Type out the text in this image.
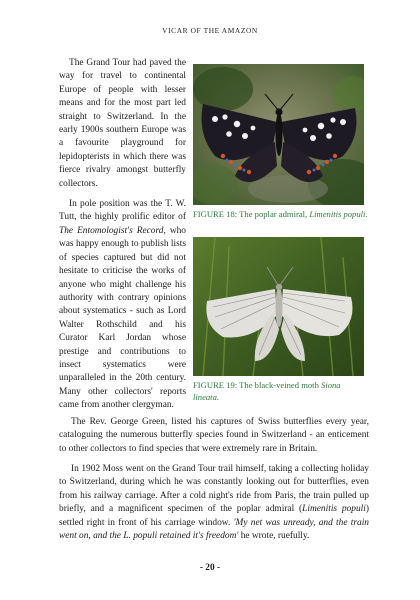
VICAR OF THE AMAZON

The Grand Tour had paved the way for travel to continental Europe of people with lesser means and for the most part led straight to Switzerland. In the early 1900s southern Europe was a favourite playground for lepidopterists in which there was fierce rivalry amongst butterfly collectors.

In pole position was the T. W. Tutt, the highly prolific editor of The Entomologist's Record, who was happy enough to publish lists of species captured but did not hesitate to criticise the works of anyone who might challenge his authority with contrary opinions about systematics - such as Lord Walter Rothschild and his Curator Karl Jordan whose prestige and contributions to insect systematics were unparalleled in the 20th century. Many other collectors' reports came from another clergyman.

FIGURE 18: The poplar admiral, Limenitis populi.
FIGURE 19: The black-veined moth Siona lineata.

The Rev. George Green, listed his captures of Swiss butterflies every year, cataloguing the numerous butterfly species found in Switzerland - an enticement to other collectors to find species that were extremely rare in Britain.

In 1902 Moss went on the Grand Tour trail himself, taking a collecting holiday to Switzerland, during which he was constantly looking out for butterflies, even from his railway carriage. After a cold night's ride from Paris, the train pulled up briefly, and a magnificent specimen of the poplar admiral (Limenitis populi) settled right in front of his carriage window. 'My net was unready, and the train went on, and the L. populi retained it's freedom' he wrote, ruefully.

- 20 -
